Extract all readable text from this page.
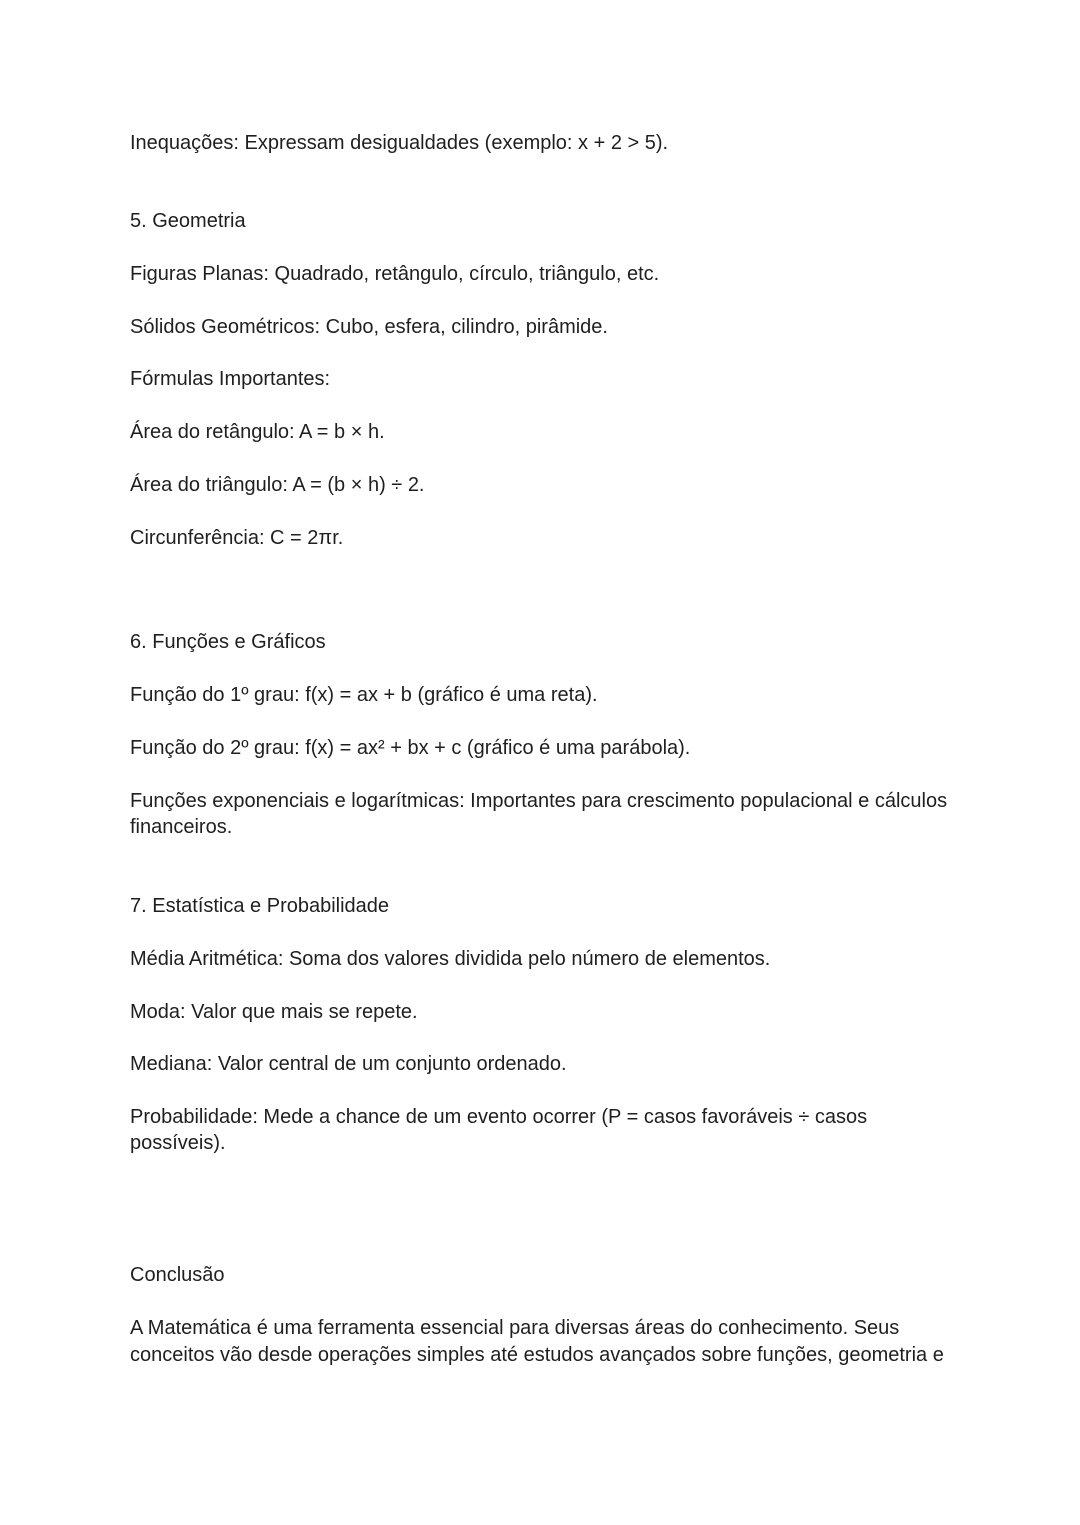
Inequações: Expressam desigualdades (exemplo: x + 2 > 5).
5. Geometria
Figuras Planas: Quadrado, retângulo, círculo, triângulo, etc.
Sólidos Geométricos: Cubo, esfera, cilindro, pirâmide.
Fórmulas Importantes:
Área do retângulo: A = b × h.
Área do triângulo: A = (b × h) ÷ 2.
Circunferência: C = 2πr.
6. Funções e Gráficos
Função do 1º grau: f(x) = ax + b (gráfico é uma reta).
Função do 2º grau: f(x) = ax² + bx + c (gráfico é uma parábola).
Funções exponenciais e logarítmicas: Importantes para crescimento populacional e cálculos
financeiros.
7. Estatística e Probabilidade
Média Aritmética: Soma dos valores dividida pelo número de elementos.
Moda: Valor que mais se repete.
Mediana: Valor central de um conjunto ordenado.
Probabilidade: Mede a chance de um evento ocorrer (P = casos favoráveis ÷ casos
possíveis).
Conclusão
A Matemática é uma ferramenta essencial para diversas áreas do conhecimento. Seus
conceitos vão desde operações simples até estudos avançados sobre funções, geometria e
